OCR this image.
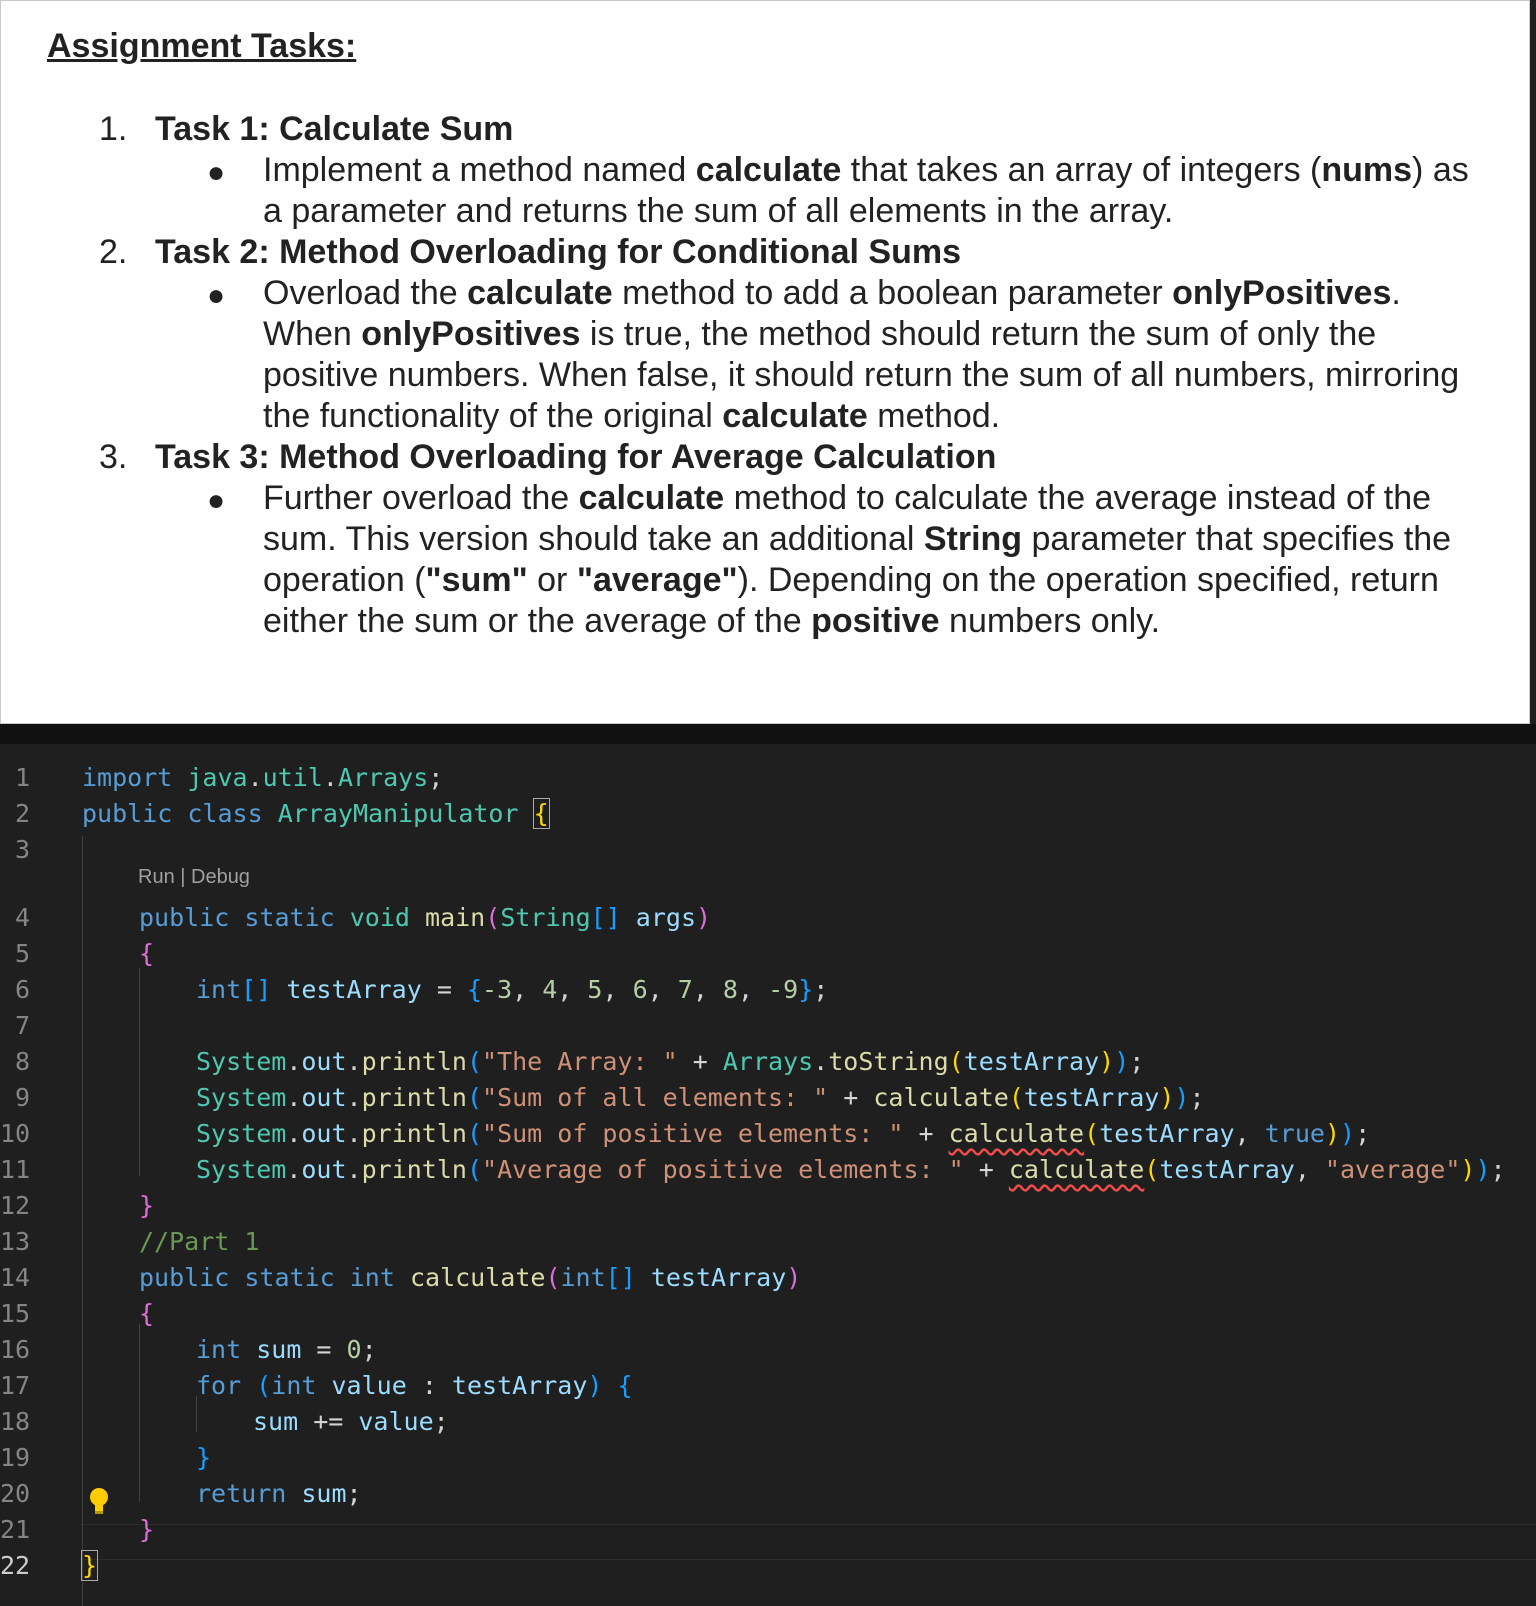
Assignment Tasks:
1. Task 1: Calculate Sum
● Implement a method named calculate that takes an array of integers (nums) as a parameter and returns the sum of all elements in the array.
2. Task 2: Method Overloading for Conditional Sums
● Overload the calculate method to add a boolean parameter onlyPositives. When onlyPositives is true, the method should return the sum of only the positive numbers. When false, it should return the sum of all numbers, mirroring the functionality of the original calculate method.
3. Task 3: Method Overloading for Average Calculation
● Further overload the calculate method to calculate the average instead of the sum. This version should take an additional String parameter that specifies the operation ("sum" or "average"). Depending on the operation specified, return either the sum or the average of the positive numbers only.
Run | Debug
1
2
3
4
5
6
7
8
9
10
11
12
13
14
15
16
17
18
19
20
21
22
import java.util.Arrays;
public class ArrayManipulator {
public static void main(String[] args)
{
int[] testArray = {-3, 4, 5, 6, 7, 8, -9};
System.out.println("The Array: " + Arrays.toString(testArray));
System.out.println("Sum of all elements: " + calculate(testArray));
System.out.println("Sum of positive elements: " + calculate(testArray, true));
System.out.println("Average of positive elements: " + calculate(testArray, "average"));
}
//Part 1
public static int calculate(int[] testArray)
{
int sum = 0;
for (int value : testArray) {
sum += value;
}
return sum;
}
}
